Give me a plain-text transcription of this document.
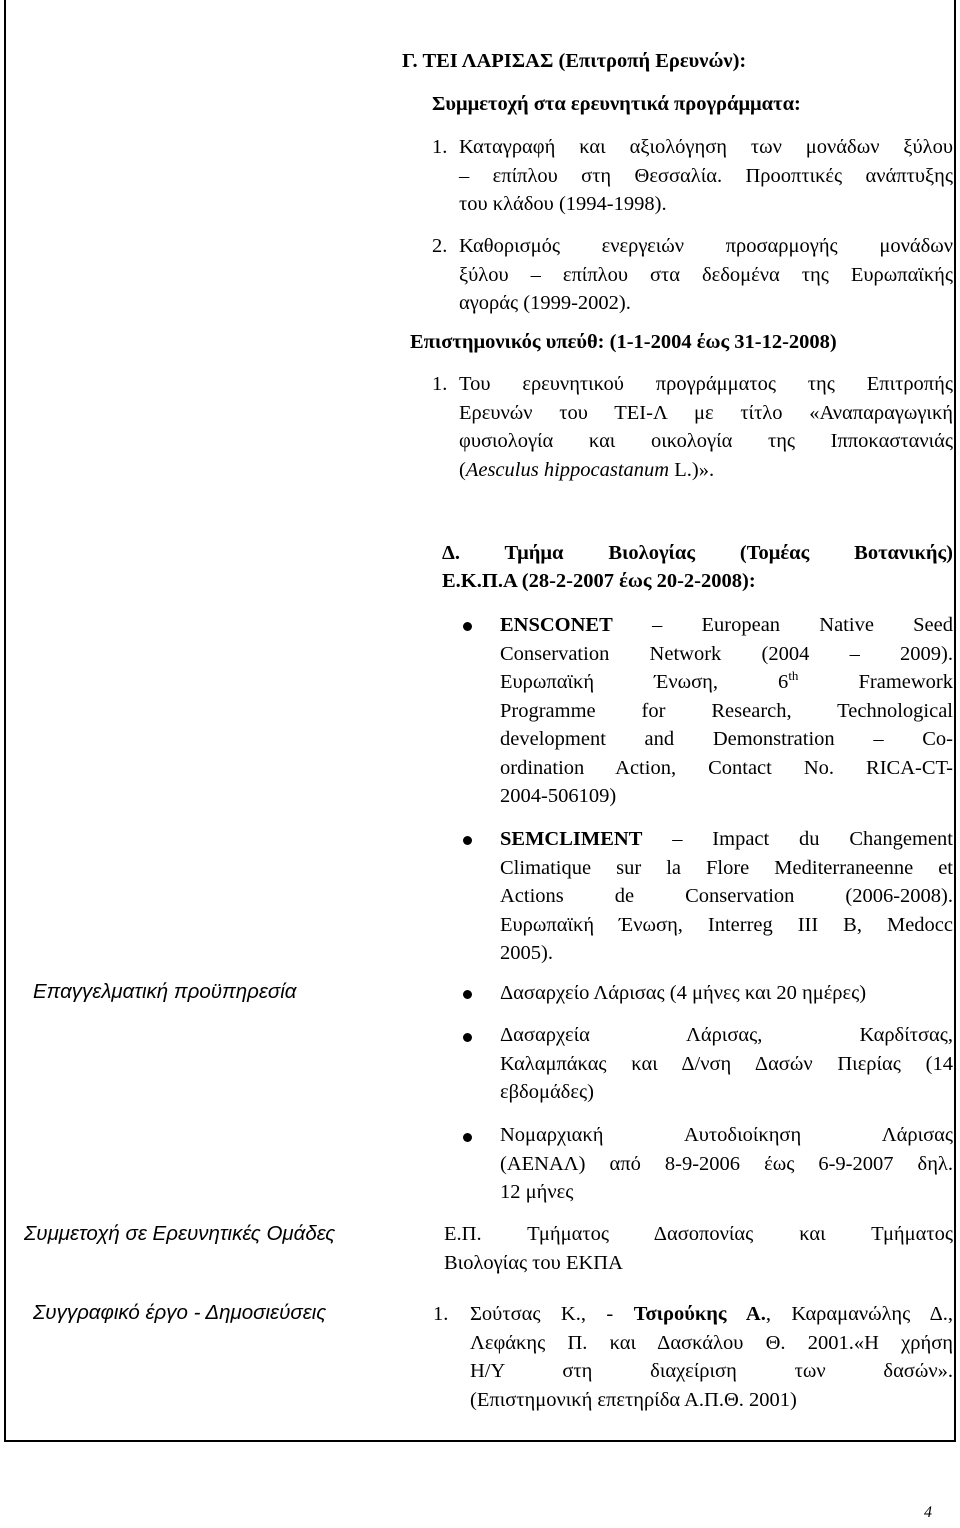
Γ. ΤΕΙ ΛΑΡΙΣΑΣ (Επιτροπή Ερευνών):
Συμμετοχή στα ερευνητικά προγράμματα:
1. Καταγραφή και αξιολόγηση των μονάδων ξύλου
– επίπλου στη Θεσσαλία. Προοπτικές ανάπτυξης
του κλάδου (1994-1998).
2. Καθορισμός ενεργειών προσαρμογής μονάδων
ξύλου – επίπλου στα δεδομένα της Ευρωπαϊκής
αγοράς (1999-2002).
Επιστημονικός υπεύθ: (1-1-2004 έως 31-12-2008)
1. Του ερευνητικού προγράμματος της Επιτροπής
Ερευνών του ΤΕΙ-Λ με τίτλο «Αναπαραγωγική
φυσιολογία και οικολογία της Ιπποκαστανιάς
(Aesculus hippocastanum L.)».
Δ. Τμήμα Βιολογίας (Τομέας Βοτανικής)
Ε.Κ.Π.Α (28-2-2007 έως 20-2-2008):
ENSCONET – European Native Seed
Conservation Network (2004 – 2009).
Ευρωπαϊκή Ένωση, 6th Framework
Programme for Research, Technological
development and Demonstration – Co-
ordination Action, Contact No. RICA-CT-
2004-506109)
SEMCLIMENT – Impact du Changement
Climatique sur la Flore Mediterraneenne et
Actions de Conservation (2006-2008).
Ευρωπαϊκή Ένωση, Interreg III B, Medocc
2005).
Επαγγελματική προϋπηρεσία	Δασαρχείο Λάρισας (4 μήνες και 20 ημέρες)
Δασαρχεία Λάρισας, Καρδίτσας,
Καλαμπάκας και Δ/νση Δασών Πιερίας (14
εβδομάδες)
Νομαρχιακή Αυτοδιοίκηση Λάρισας
(ΑΕΝΑΛ) από 8-9-2006 έως 6-9-2007 δηλ.
12 μήνες
Συμμετοχή σε Ερευνητικές Ομάδες	Ε.Π. Τμήματος Δασοπονίας και Τμήματος
Βιολογίας του ΕΚΠΑ
Συγγραφικό έργο - Δημοσιεύσεις	1. Σούτσας Κ., - Τσιρούκης Α., Καραμανώλης Δ.,
Λεφάκης Π. και Δασκάλου Θ. 2001.«Η χρήση
Η/Υ στη διαχείριση των δασών».
(Επιστημονική επετηρίδα Α.Π.Θ. 2001)
4
